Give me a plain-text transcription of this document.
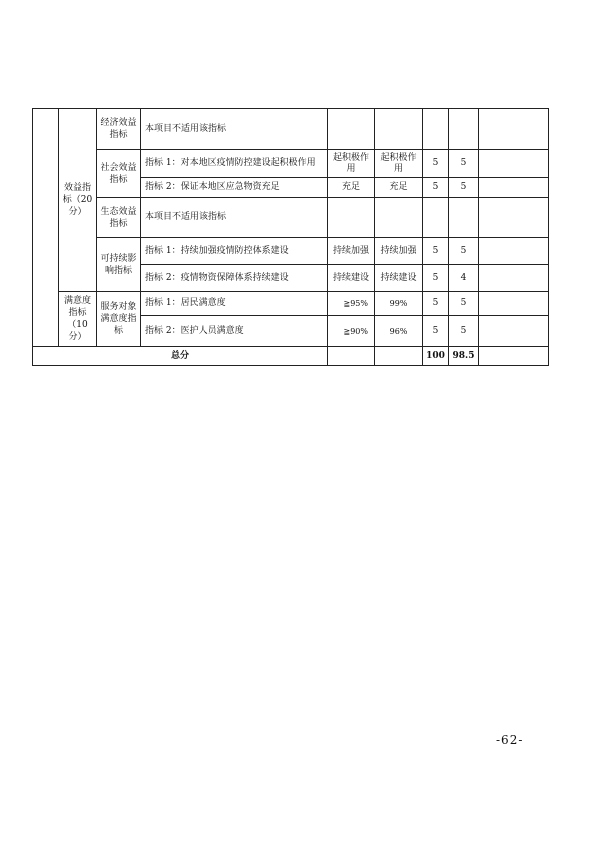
	效益指标（20分）	经济效益指标	本项目不适用该指标					
		社会效益指标	指标 1：对本地区疫情防控建设起积极作用	起积极作用	起积极作用	5	5	
			指标 2：保证本地区应急物资充足	充足	充足	5	5	
		生态效益指标	本项目不适用该指标					
		可持续影响指标	指标 1：持续加强疫情防控体系建设	持续加强	持续加强	5	5	
			指标 2：疫情物资保障体系持续建设	持续建设	持续建设	5	4	
	满意度指标（10分）	服务对象满意度指标	指标 1：居民满意度	≧95%	99%	5	5	
			指标 2：医护人员满意度	≧90%	96%	5	5	
总分						100	98.5	
-62-
